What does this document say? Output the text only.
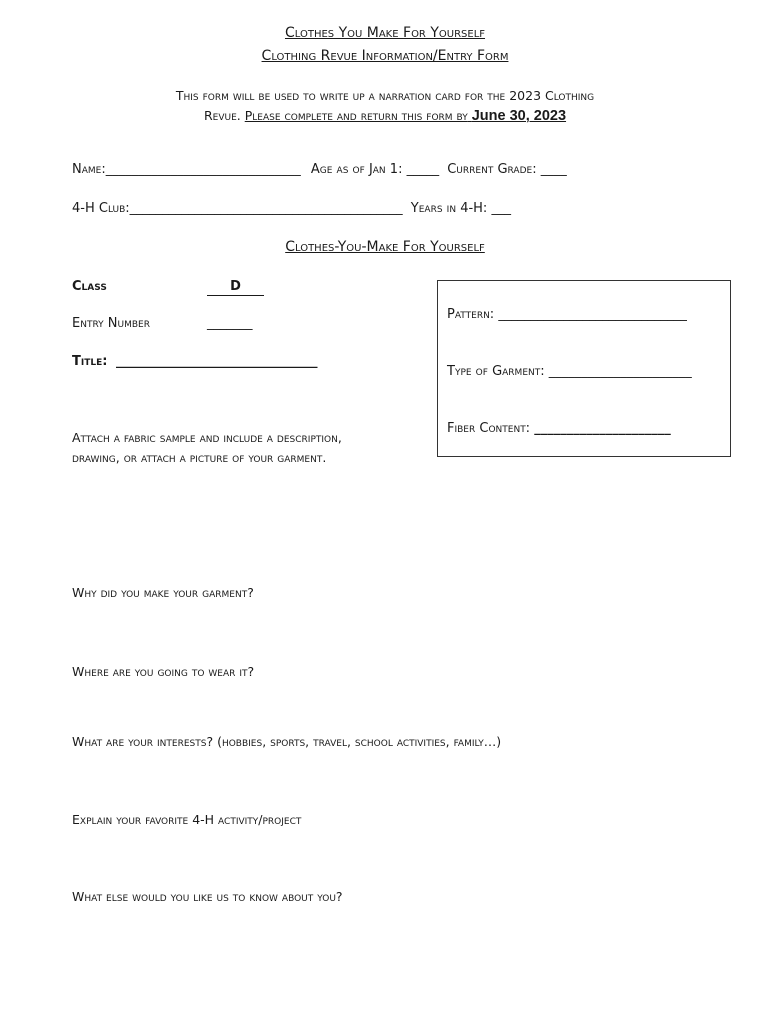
Clothes You Make For Yourself
Clothing Revue Information/Entry Form
This form will be used to write up a narration card for the 2023 Clothing
Revue. Please complete and return this form by June 30, 2023
Name:______________________________ Age as of Jan 1: _____ Current Grade: ____
4-H Club:__________________________________________ Years in 4-H: ___
Clothes-You-Make For Yourself
Class	D
Entry Number	_______
Title: _______________________________
Attach a fabric sample and include a description,
drawing, or attach a picture of your garment.
Pattern: _____________________________
Type of Garment: ______________________
Fiber Content: _____________________
Why did you make your garment?
Where are you going to wear it?
What are your interests? (hobbies, sports, travel, school activities, family…)
Explain your favorite 4-H activity/project
What else would you like us to know about you?
